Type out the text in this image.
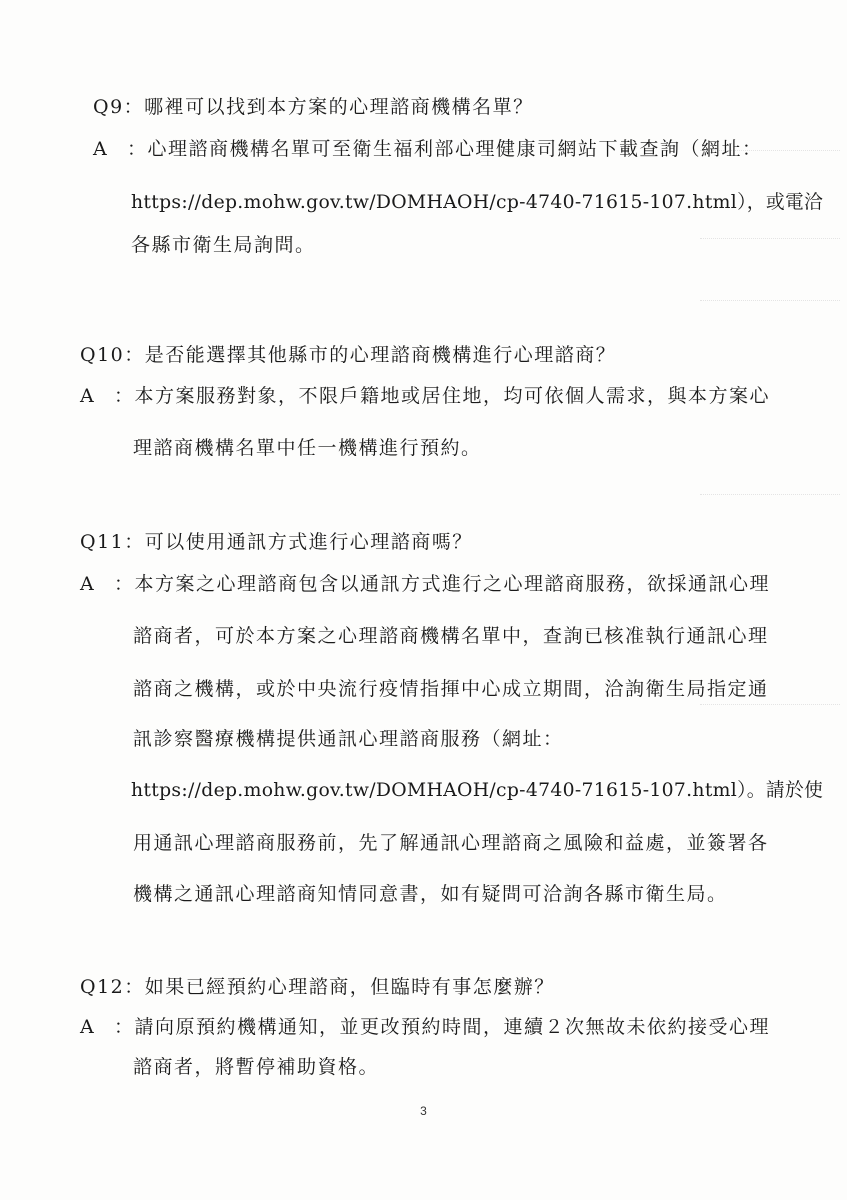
Q9：哪裡可以找到本方案的心理諮商機構名單？
A ：心理諮商機構名單可至衛生福利部心理健康司網站下載查詢（網址：
https://dep.mohw.gov.tw/DOMHAOH/cp-4740-71615-107.html），或電洽
各縣市衛生局詢問。
Q10：是否能選擇其他縣市的心理諮商機構進行心理諮商？
A ：本方案服務對象，不限戶籍地或居住地，均可依個人需求，與本方案心
理諮商機構名單中任一機構進行預約。
Q11：可以使用通訊方式進行心理諮商嗎？
A ：本方案之心理諮商包含以通訊方式進行之心理諮商服務，欲採通訊心理
諮商者，可於本方案之心理諮商機構名單中，查詢已核准執行通訊心理
諮商之機構，或於中央流行疫情指揮中心成立期間，洽詢衛生局指定通
訊診察醫療機構提供通訊心理諮商服務（網址：
https://dep.mohw.gov.tw/DOMHAOH/cp-4740-71615-107.html）。請於使
用通訊心理諮商服務前，先了解通訊心理諮商之風險和益處，並簽署各
機構之通訊心理諮商知情同意書，如有疑問可洽詢各縣市衛生局。
Q12：如果已經預約心理諮商，但臨時有事怎麼辦？
A ：請向原預約機構通知，並更改預約時間，連續２次無故未依約接受心理
諮商者，將暫停補助資格。
3
